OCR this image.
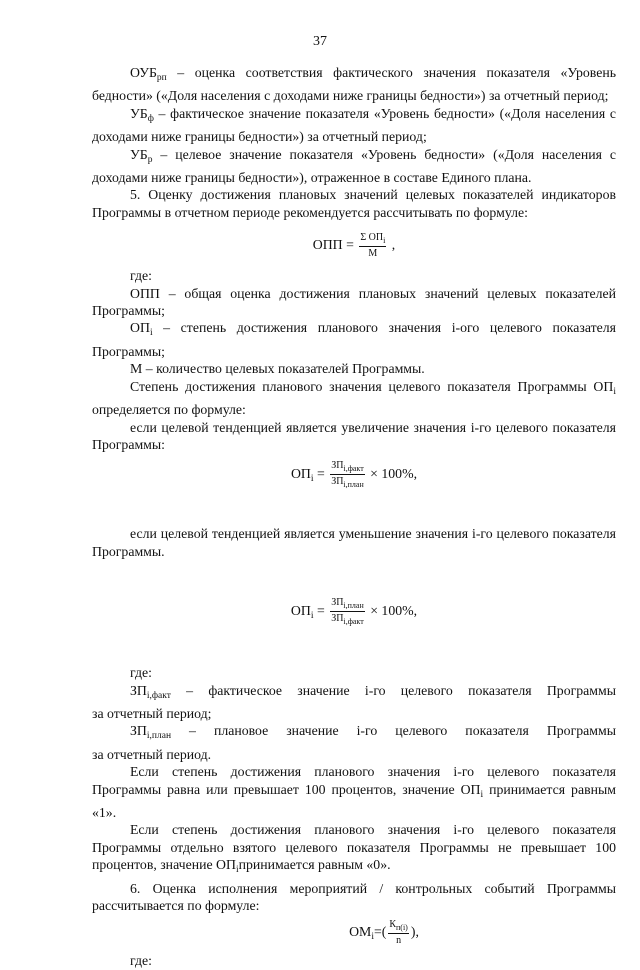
37

$ОУБ_{рп}$ – оценка соответствия фактического значения показателя «Уровень бедности» («Доля населения с доходами ниже границы бедности») за отчетный период;

$УБ_ф$ – фактическое значение показателя «Уровень бедности» («Доля населения с доходами ниже границы бедности») за отчетный период;

$УБ_р$ – целевое значение показателя «Уровень бедности» («Доля населения с доходами ниже границы бедности»), отраженное в составе Единого плана.

5. Оценку достижения плановых значений целевых показателей индикаторов Программы в отчетном периоде рекомендуется рассчитывать по формуле:

ОПП = $\frac{\Sigma ОП_i}{М}$ ,

где:

ОПП – общая оценка достижения плановых значений целевых показателей Программы;

$ОП_i$ – степень достижения планового значения i-ого целевого показателя Программы;

М – количество целевых показателей Программы.

Степень достижения планового значения целевого показателя Программы $ОП_i$ определяется по формуле:

если целевой тенденцией является увеличение значения i-го целевого показателя Программы:

$ОП_i = \frac{ЗП_{i,факт}}{ЗП_{i,план}} \times 100\%$,

если целевой тенденцией является уменьшение значения i-го целевого показателя Программы.

$ОП_i = \frac{ЗП_{i,план}}{ЗП_{i,факт}} \times 100\%$,

где:

$ЗП_{i,факт}$ – фактическое значение i-го целевого показателя Программы

за отчетный период;

$ЗП_{i,план}$ – плановое значение i-го целевого показателя Программы

за отчетный период.

Если степень достижения планового значения i-го целевого показателя Программы равна или превышает 100 процентов, значение $ОП_i$ принимается равным «1».

Если степень достижения планового значения i-го целевого показателя Программы отдельно взятого целевого показателя Программы не превышает 100 процентов, значение $ОП_iпринимается$ равным «0».

6. Оценка исполнения мероприятий / контрольных событий Программы рассчитывается по формуле:

$ОМ_i=( \frac{К_{п(i)}}{n}$ ),

где:
